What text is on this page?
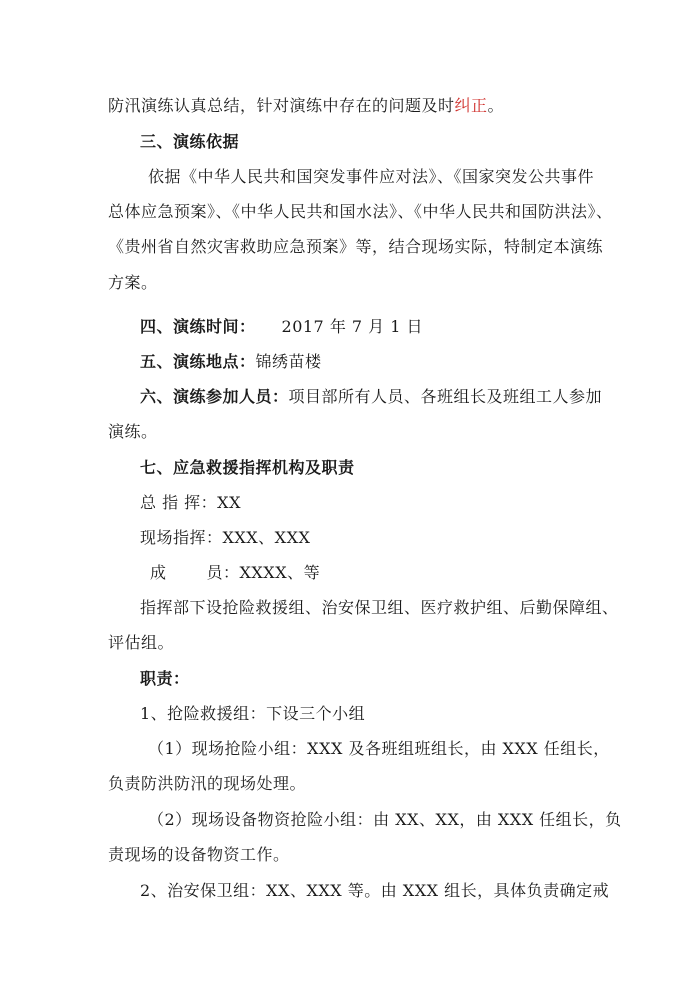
防汛演练认真总结，针对演练中存在的问题及时纠正。
三、演练依据
依据《中华人民共和国突发事件应对法》、《国家突发公共事件
总体应急预案》、《中华人民共和国水法》、《中华人民共和国防洪法》、
《贵州省自然灾害救助应急预案》等，结合现场实际，特制定本演练
方案。
四、演练时间： 2017 年 7 月 1 日
五、演练地点：锦绣苗楼
六、演练参加人员：项目部所有人员、各班组长及班组工人参加
演练。
七、应急救援指挥机构及职责
总 指 挥：XX
现场指挥：XXX、XXX
成	员：XXXX、等
指挥部下设抢险救援组、治安保卫组、医疗救护组、后勤保障组、
评估组。
职责：
1、抢险救援组：下设三个小组
（1）现场抢险小组：XXX 及各班组班组长，由 XXX 任组长，
负责防洪防汛的现场处理。
（2）现场设备物资抢险小组：由 XX、XX，由 XXX 任组长，负
责现场的设备物资工作。
2、治安保卫组：XX、XXX 等。由 XXX 组长，具体负责确定戒
